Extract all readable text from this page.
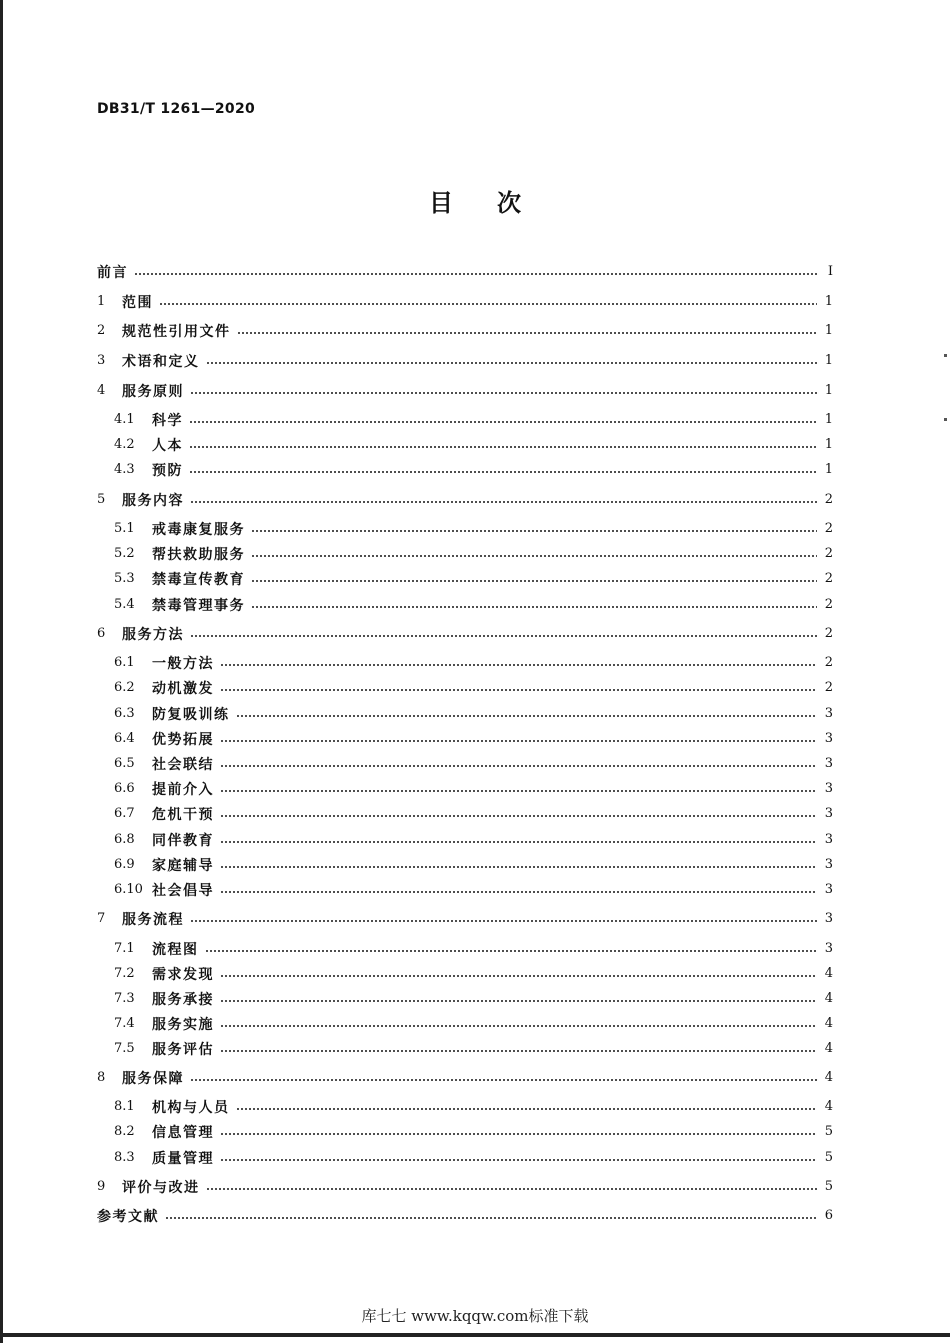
DB31/T 1261—2020
目次
前言	I
1	范围	1
2	规范性引用文件	1
3	术语和定义	1
4	服务原则	1
4.1	科学	1
4.2	人本	1
4.3	预防	1
5	服务内容	2
5.1	戒毒康复服务	2
5.2	帮扶救助服务	2
5.3	禁毒宣传教育	2
5.4	禁毒管理事务	2
6	服务方法	2
6.1	一般方法	2
6.2	动机激发	2
6.3	防复吸训练	3
6.4	优势拓展	3
6.5	社会联结	3
6.6	提前介入	3
6.7	危机干预	3
6.8	同伴教育	3
6.9	家庭辅导	3
6.10 社会倡导	3
7	服务流程	3
7.1	流程图	3
7.2	需求发现	4
7.3	服务承接	4
7.4	服务实施	4
7.5	服务评估	4
8	服务保障	4
8.1	机构与人员	4
8.2	信息管理	5
8.3	质量管理	5
9	评价与改进	5
参考文献	6
库七七 www.kqqw.com标准下载
